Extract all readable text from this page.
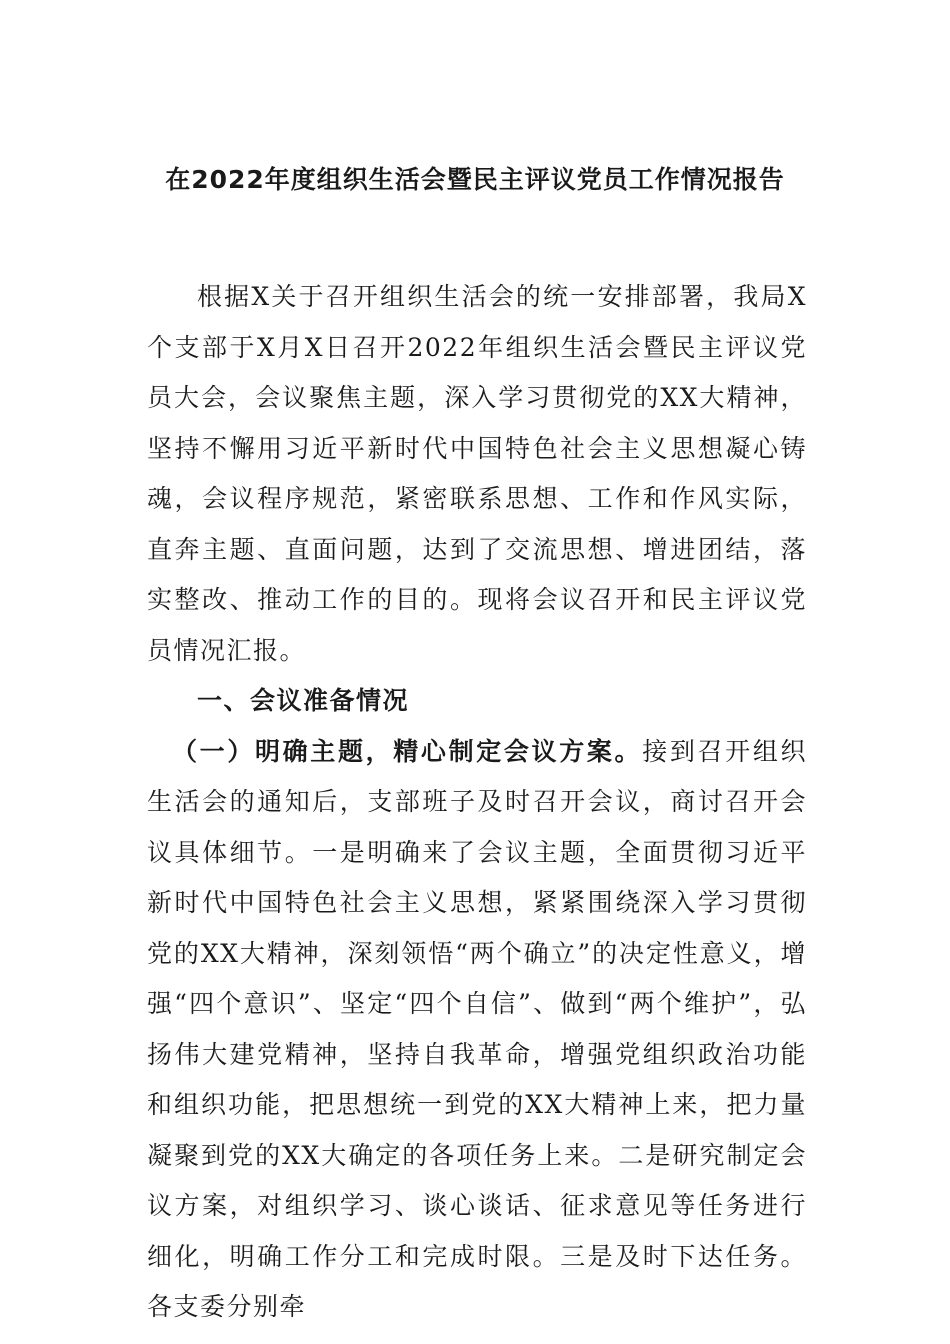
在2022年度组织生活会暨民主评议党员工作情况报告

根据X关于召开组织生活会的统一安排部署，我局X个支部于X月X日召开2022年组织生活会暨民主评议党员大会，会议聚焦主题，深入学习贯彻党的XX大精神，坚持不懈用习近平新时代中国特色社会主义思想凝心铸魂，会议程序规范，紧密联系思想、工作和作风实际，直奔主题、直面问题，达到了交流思想、增进团结，落实整改、推动工作的目的。现将会议召开和民主评议党员情况汇报。

一、会议准备情况

（一）明确主题，精心制定会议方案。接到召开组织生活会的通知后，支部班子及时召开会议，商讨召开会议具体细节。一是明确来了会议主题，全面贯彻习近平新时代中国特色社会主义思想，紧紧围绕深入学习贯彻党的XX大精神，深刻领悟“两个确立”的决定性意义，增强“四个意识”、坚定“四个自信”、做到“两个维护”，弘扬伟大建党精神，坚持自我革命，增强党组织政治功能和组织功能，把思想统一到党的XX大精神上来，把力量凝聚到党的XX大确定的各项任务上来。二是研究制定会议方案，对组织学习、谈心谈话、征求意见等任务进行细化，明确工作分工和完成时限。三是及时下达任务。各支委分别牵
